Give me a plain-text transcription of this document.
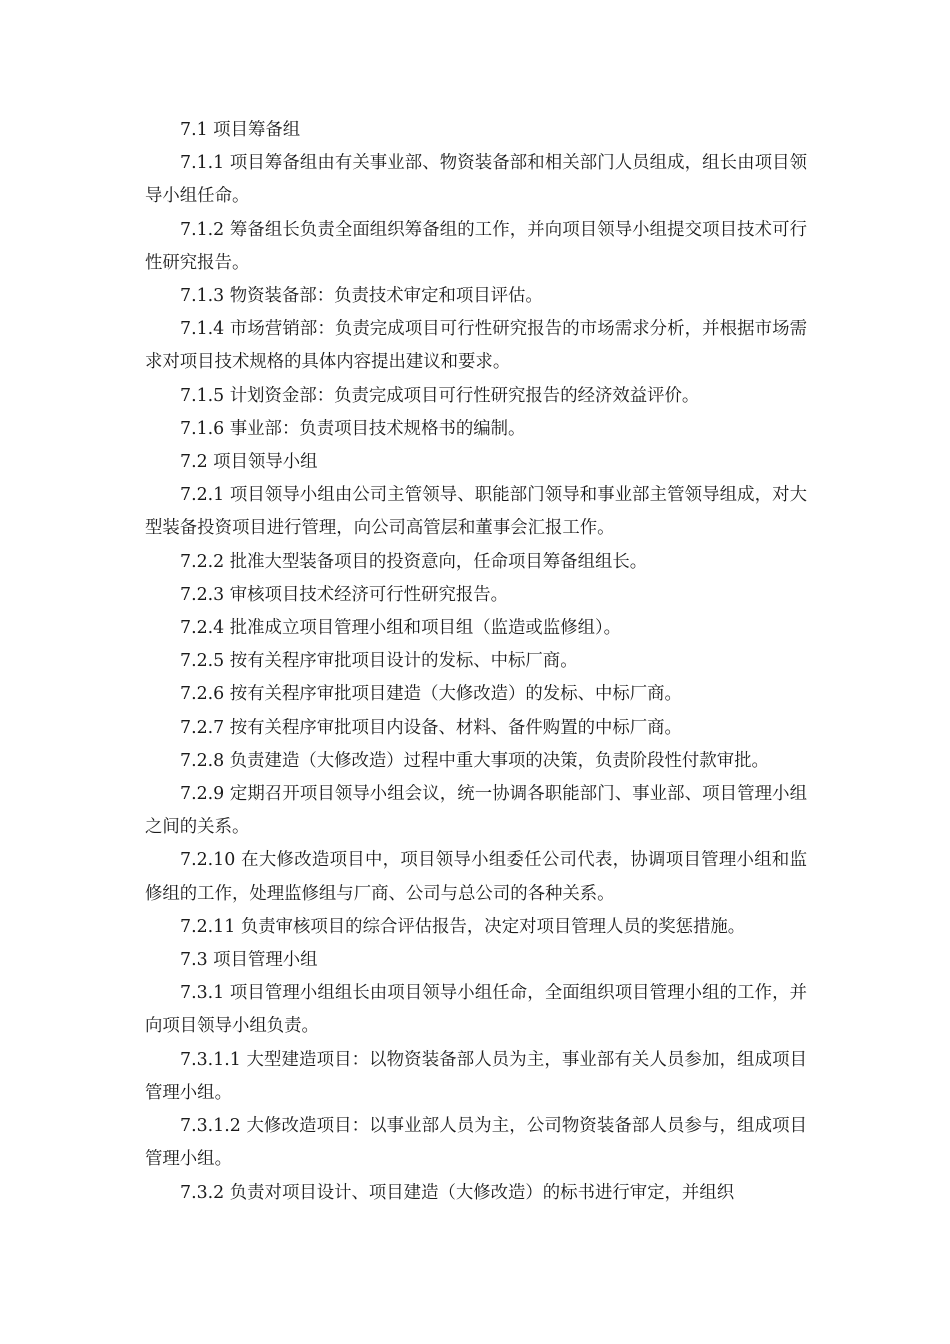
7.1 项目筹备组

7.1.1 项目筹备组由有关事业部、物资装备部和相关部门人员组成，组长由项目领导小组任命。

7.1.2 筹备组长负责全面组织筹备组的工作，并向项目领导小组提交项目技术可行性研究报告。

7.1.3 物资装备部：负责技术审定和项目评估。

7.1.4 市场营销部：负责完成项目可行性研究报告的市场需求分析，并根据市场需求对项目技术规格的具体内容提出建议和要求。

7.1.5 计划资金部：负责完成项目可行性研究报告的经济效益评价。

7.1.6 事业部：负责项目技术规格书的编制。

7.2 项目领导小组

7.2.1 项目领导小组由公司主管领导、职能部门领导和事业部主管领导组成，对大型装备投资项目进行管理，向公司高管层和董事会汇报工作。

7.2.2 批准大型装备项目的投资意向，任命项目筹备组组长。

7.2.3 审核项目技术经济可行性研究报告。

7.2.4 批准成立项目管理小组和项目组（监造或监修组）。

7.2.5 按有关程序审批项目设计的发标、中标厂商。

7.2.6 按有关程序审批项目建造（大修改造）的发标、中标厂商。

7.2.7 按有关程序审批项目内设备、材料、备件购置的中标厂商。

7.2.8 负责建造（大修改造）过程中重大事项的决策，负责阶段性付款审批。

7.2.9 定期召开项目领导小组会议，统一协调各职能部门、事业部、项目管理小组之间的关系。

7.2.10 在大修改造项目中，项目领导小组委任公司代表，协调项目管理小组和监修组的工作，处理监修组与厂商、公司与总公司的各种关系。

7.2.11 负责审核项目的综合评估报告，决定对项目管理人员的奖惩措施。

7.3 项目管理小组

7.3.1 项目管理小组组长由项目领导小组任命，全面组织项目管理小组的工作，并向项目领导小组负责。

7.3.1.1 大型建造项目：以物资装备部人员为主，事业部有关人员参加，组成项目管理小组。

7.3.1.2 大修改造项目：以事业部人员为主，公司物资装备部人员参与，组成项目管理小组。

7.3.2 负责对项目设计、项目建造（大修改造）的标书进行审定，并组织
